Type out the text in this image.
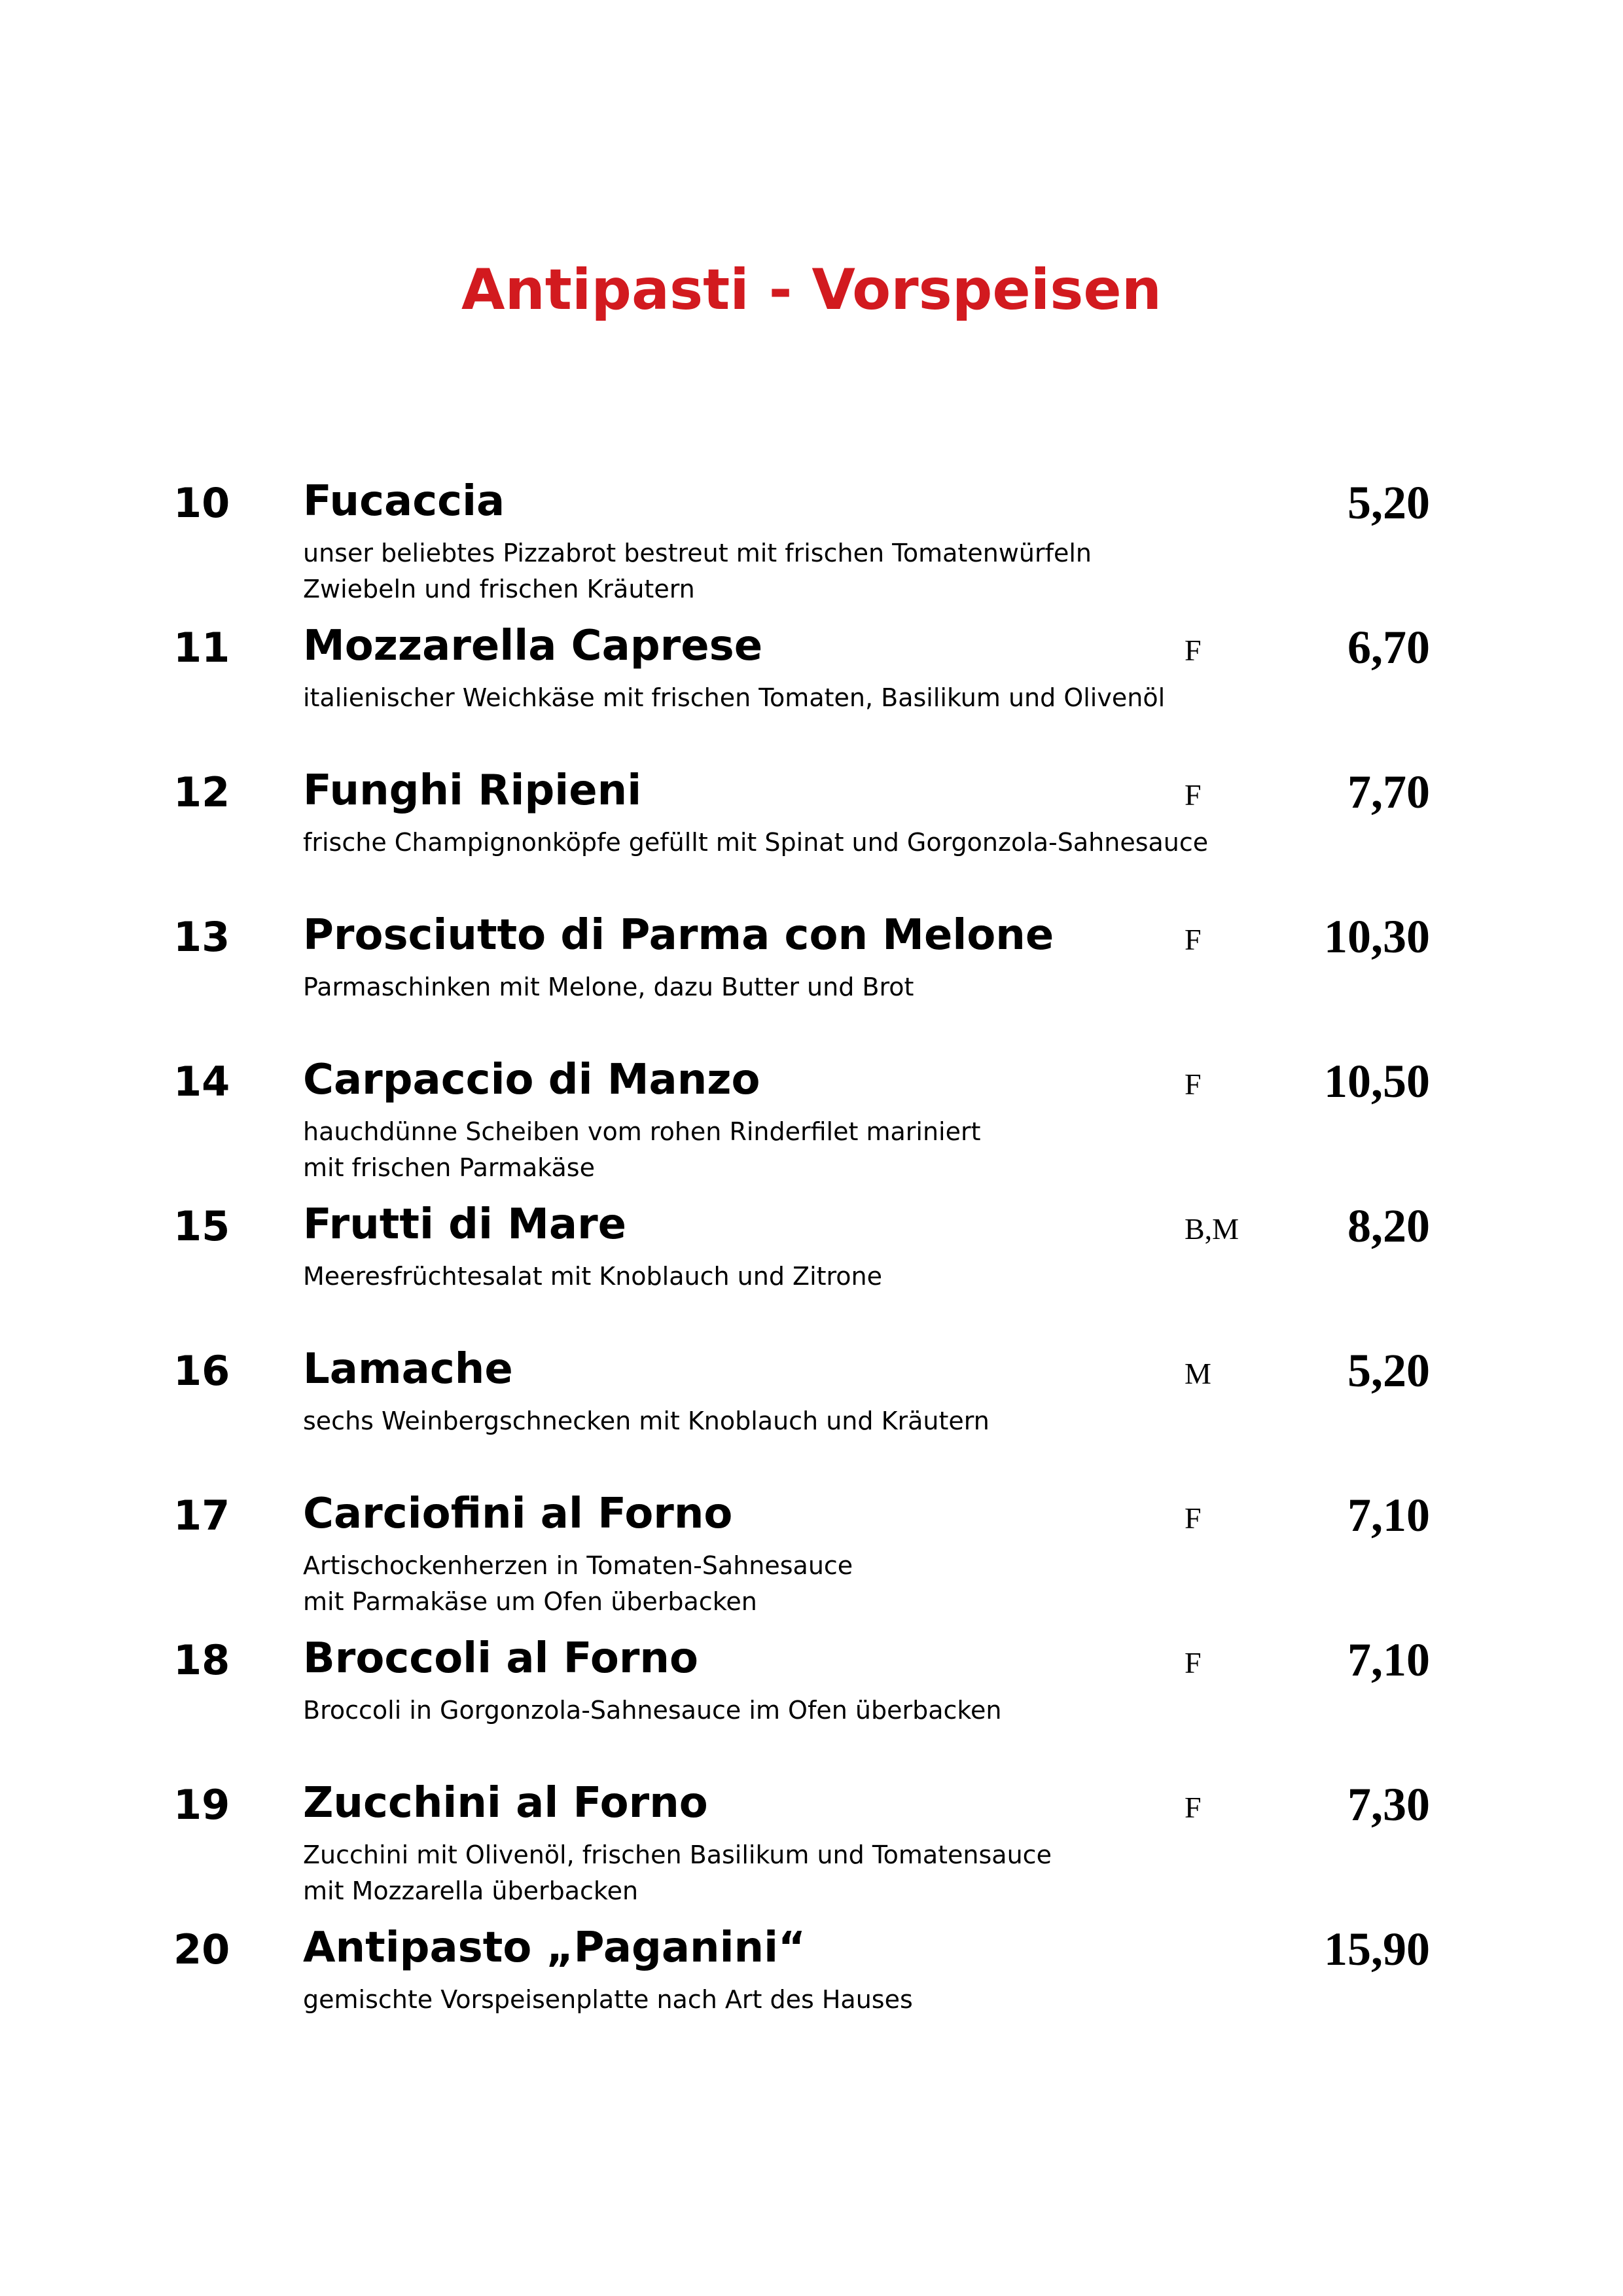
Antipasti - Vorspeisen
10 Fucaccia
unser beliebtes Pizzabrot bestreut mit frischen Tomatenwürfeln
Zwiebeln und frischen Kräutern
5,20
11 Mozzarella Caprese
italienischer Weichkäse mit frischen Tomaten, Basilikum und Olivenöl
F	6,70
12 Funghi Ripieni
frische Champignonköpfe gefüllt mit Spinat und Gorgonzola-Sahnesauce
F	7,70
13 Prosciutto di Parma con Melone
Parmaschinken mit Melone, dazu Butter und Brot
F	10,30
14 Carpaccio di Manzo
hauchdünne Scheiben vom rohen Rinderfilet mariniert
mit frischen Parmakäse
F	10,50
15 Frutti di Mare
Meeresfrüchtesalat mit Knoblauch und Zitrone
B,M 8,20
16 Lamache
sechs Weinbergschnecken mit Knoblauch und Kräutern
M	5,20
17 Carciofini al Forno
Artischockenherzen in Tomaten-Sahnesauce
mit Parmakäse um Ofen überbacken
F	7,10
18 Broccoli al Forno
Broccoli in Gorgonzola-Sahnesauce im Ofen überbacken
F	7,10
19 Zucchini al Forno
Zucchini mit Olivenöl, frischen Basilikum und Tomatensauce
mit Mozzarella überbacken
F	7,30
20 Antipasto „Paganini“
gemischte Vorspeisenplatte nach Art des Hauses
15,90
